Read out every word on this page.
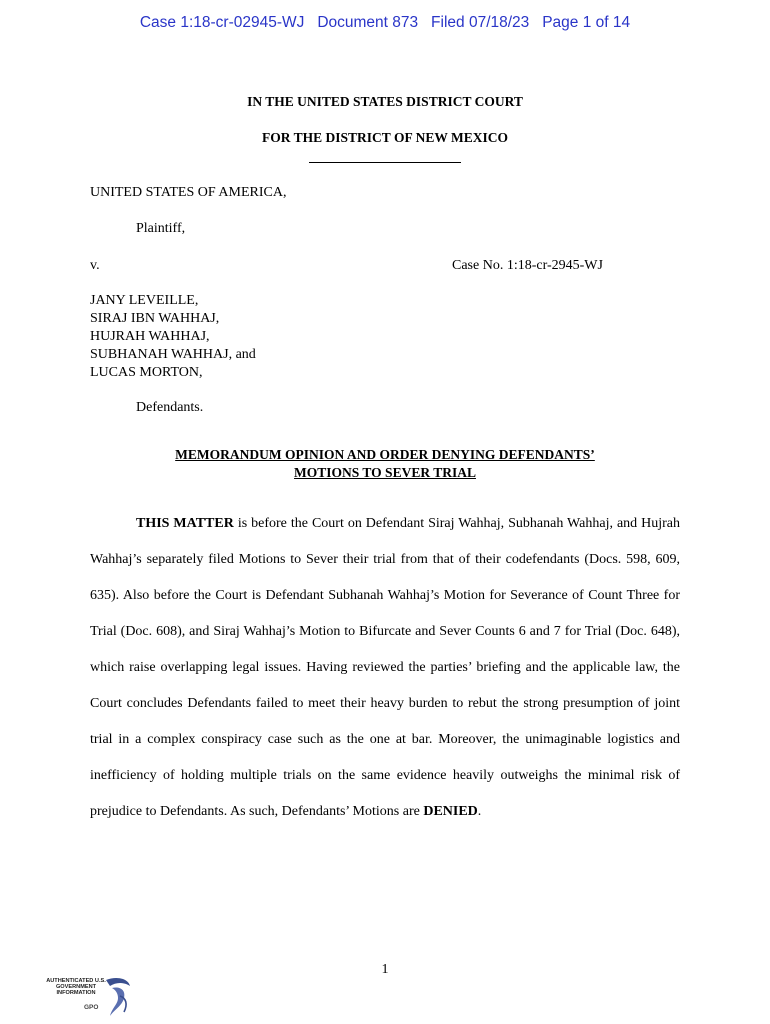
Case 1:18-cr-02945-WJ Document 873 Filed 07/18/23 Page 1 of 14
IN THE UNITED STATES DISTRICT COURT
FOR THE DISTRICT OF NEW MEXICO
UNITED STATES OF AMERICA,
Plaintiff,
v.	Case No. 1:18-cr-2945-WJ
JANY LEVEILLE,
SIRAJ IBN WAHHAJ,
HUJRAH WAHHAJ,
SUBHANAH WAHHAJ, and
LUCAS MORTON,
Defendants.
MEMORANDUM OPINION AND ORDER DENYING DEFENDANTS’
MOTIONS TO SEVER TRIAL
THIS MATTER is before the Court on Defendant Siraj Wahhaj, Subhanah Wahhaj, and Hujrah Wahhaj’s separately filed Motions to Sever their trial from that of their codefendants (Docs. 598, 609, 635). Also before the Court is Defendant Subhanah Wahhaj’s Motion for Severance of Count Three for Trial (Doc. 608), and Siraj Wahhaj’s Motion to Bifurcate and Sever Counts 6 and 7 for Trial (Doc. 648), which raise overlapping legal issues. Having reviewed the parties’ briefing and the applicable law, the Court concludes Defendants failed to meet their heavy burden to rebut the strong presumption of joint trial in a complex conspiracy case such as the one at bar. Moreover, the unimaginable logistics and inefficiency of holding multiple trials on the same evidence heavily outweighs the minimal risk of prejudice to Defendants. As such, Defendants’ Motions are DENIED.
1
AUTHENTICATED U.S. GOVERNMENT INFORMATION
GPO
